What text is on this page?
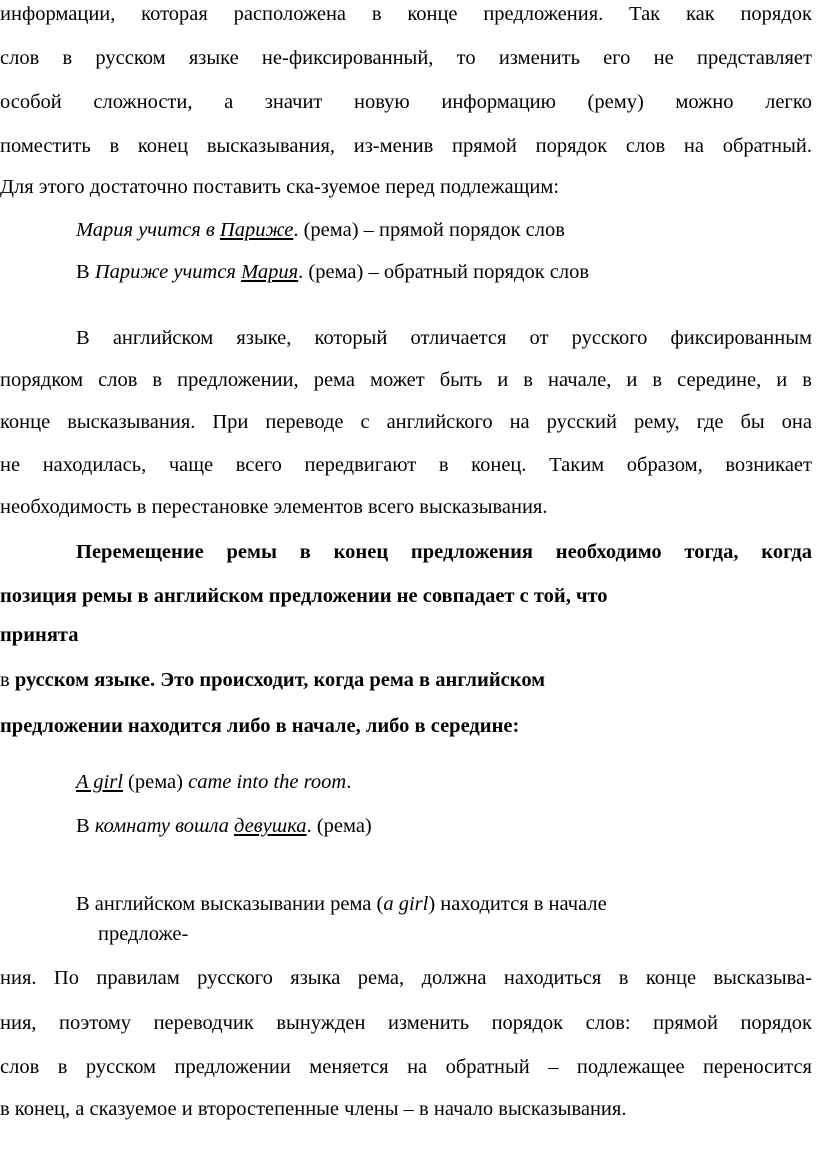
информации, которая расположена в конце предложения. Так как порядок
слов в русском языке не-фиксированный, то изменить его не представляет
особой сложности, а значит новую информацию (рему) можно легко
поместить в конец высказывания, из-менив прямой порядок слов на обратный.
Для этого достаточно поставить ска-зуемое перед подлежащим:
Мария учится в Париже. (рема) – прямой порядок слов
В Париже учится Мария. (рема) – обратный порядок слов
В английском языке, который отличается от русского фиксированным
порядком слов в предложении, рема может быть и в начале, и в середине, и в
конце высказывания. При переводе с английского на русский рему, где бы она
не находилась, чаще всего передвигают в конец. Таким образом, возникает
необходимость в перестановке элементов всего высказывания.
Перемещение ремы в конец предложения необходимо тогда, когда
позиция ремы в английском предложении не совпадает с той, что
принята
в русском языке. Это происходит, когда рема в английском
предложении находится либо в начале, либо в середине:
A girl (рема) came into the room.
В комнату вошла девушка. (рема)
В английском высказывании рема (a girl) находится в начале
предложе-
ния. По правилам русского языка рема, должна находиться в конце высказыва-
ния, поэтому переводчик вынужден изменить порядок слов: прямой порядок
слов в русском предложении меняется на обратный – подлежащее переносится
в конец, а сказуемое и второстепенные члены – в начало высказывания.
